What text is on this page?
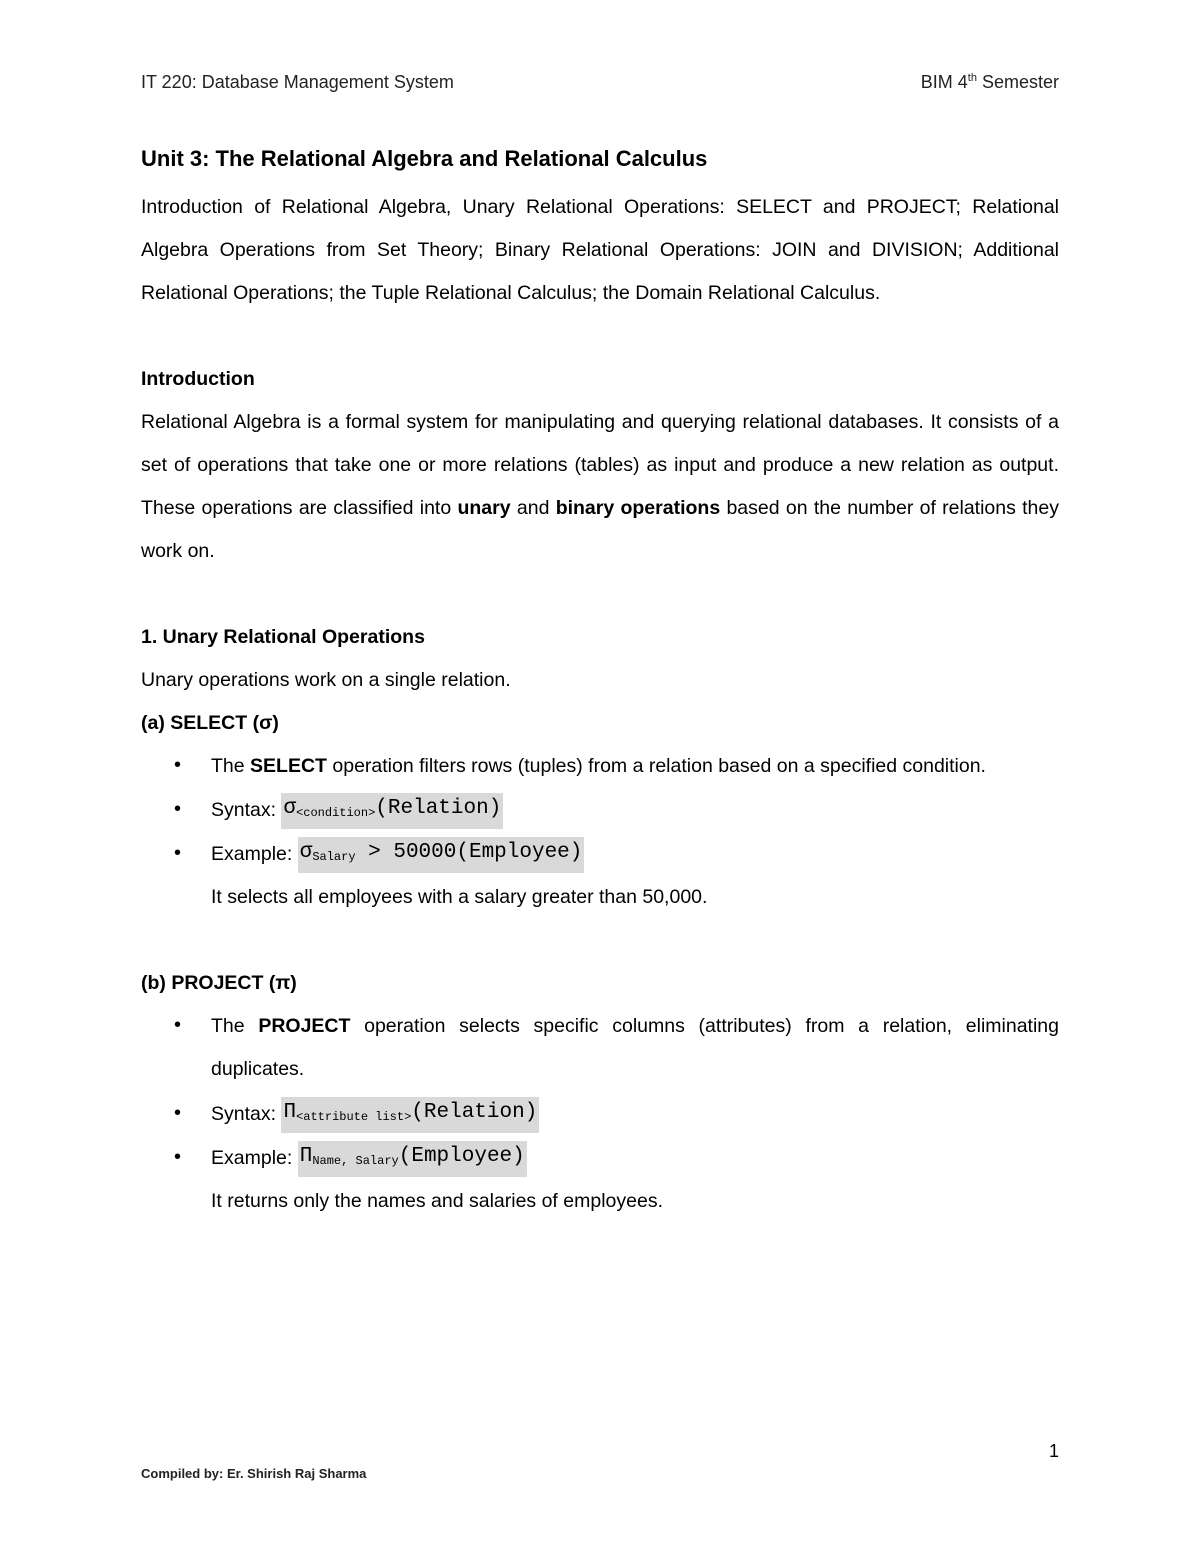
IT 220: Database Management System	BIM 4th Semester
Unit 3: The Relational Algebra and Relational Calculus
Introduction of Relational Algebra, Unary Relational Operations: SELECT and PROJECT; Relational Algebra Operations from Set Theory; Binary Relational Operations: JOIN and DIVISION; Additional Relational Operations; the Tuple Relational Calculus; the Domain Relational Calculus.
Introduction
Relational Algebra is a formal system for manipulating and querying relational databases. It consists of a set of operations that take one or more relations (tables) as input and produce a new relation as output. These operations are classified into unary and binary operations based on the number of relations they work on.
1. Unary Relational Operations
Unary operations work on a single relation.
(a) SELECT (σ)
• The SELECT operation filters rows (tuples) from a relation based on a specified condition.
• Syntax: $\sigma_{<condition>}(Relation)$
• Example: $\sigma_{Salary}$ > 50000(Employee)
It selects all employees with a salary greater than 50,000.
(b) PROJECT (π)
• The PROJECT operation selects specific columns (attributes) from a relation, eliminating duplicates.
• Syntax: $\Pi_{<attribute list>}(Relation)$
• Example: $\Pi_{Name, Salary}(Employee)$
It returns only the names and salaries of employees.
1
Compiled by: Er. Shirish Raj Sharma
